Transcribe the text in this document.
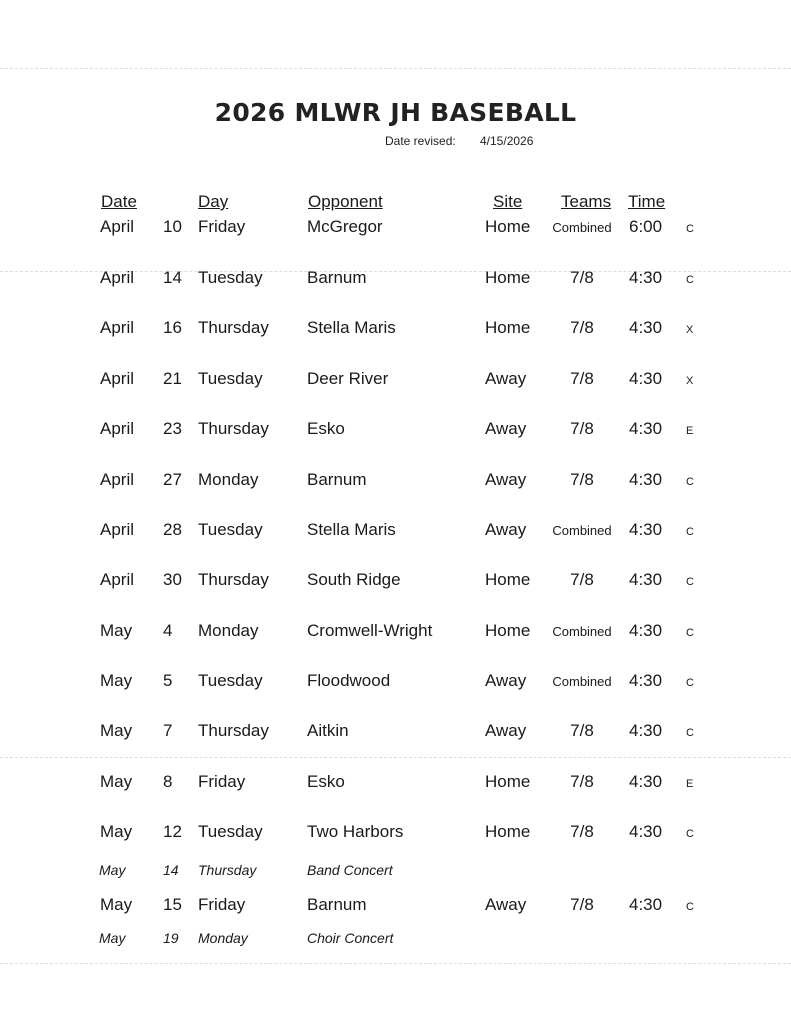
2026 MLWR JH BASEBALL
Date revised: 4/15/2026
Date	Day	Opponent	Site Teams Time
April 10 Friday	McGregor	Home Combined 6:00 C
April 14 Tuesday	Barnum	Home 7/8 4:30 C
April 16 Thursday Stella Maris	Home 7/8 4:30 X
April 21 Tuesday	Deer River	Away	7/8 4:30 X
April 23 Thursday Esko	Away	7/8 4:30 E
April 27 Monday	Barnum	Away	7/8 4:30 C
April 28 Tuesday	Stella Maris	Away Combined 4:30 C
April 30 Thursday South Ridge	Home 7/8 4:30 C
May 4 Monday	Cromwell-Wright	Home Combined 4:30 C
May 5 Tuesday	Floodwood	Away Combined 4:30 C
May 7 Thursday Aitkin	Away	7/8 4:30 C
May 8 Friday	Esko	Home 7/8 4:30 E
May 12 Tuesday	Two Harbors	Home 7/8 4:30 C
May	14 Thursday	Band Concert
May 15 Friday	Barnum	Away	7/8 4:30 C
May	19 Monday	Choir Concert
